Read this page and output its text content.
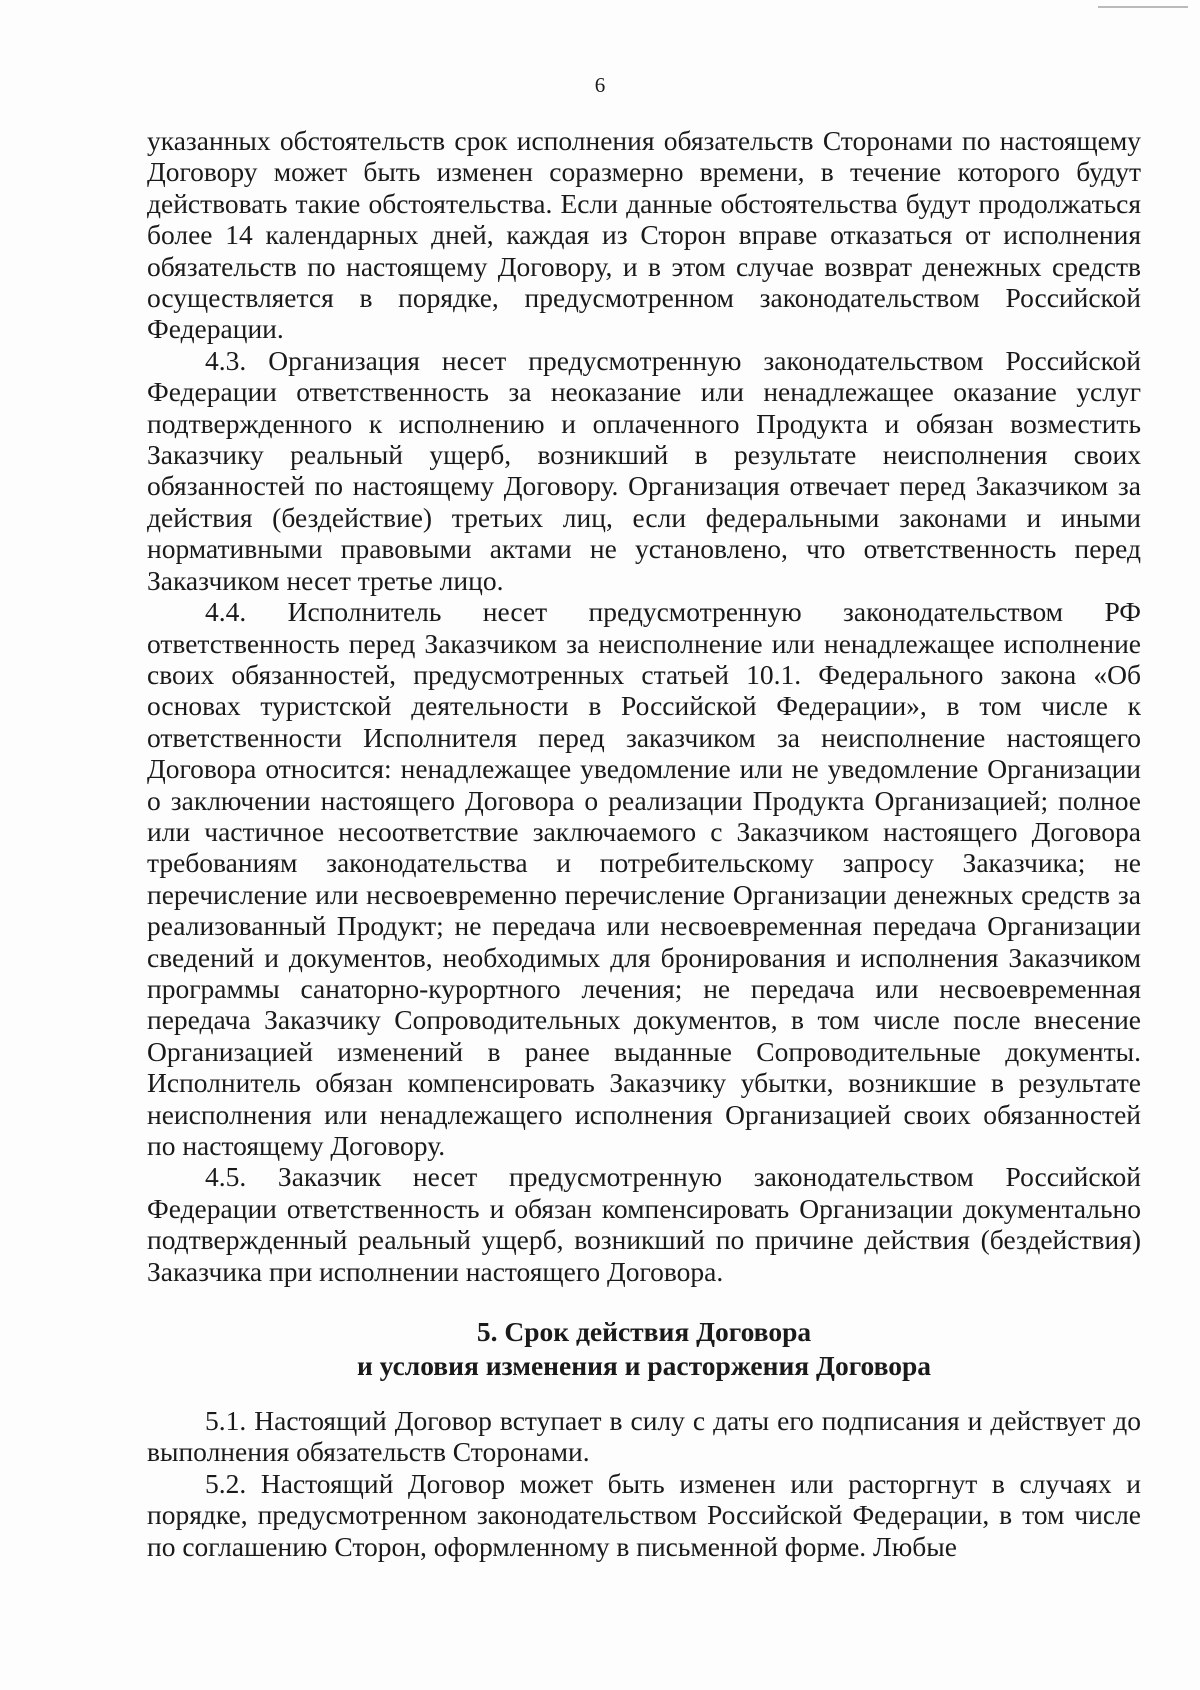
6

указанных обстоятельств срок исполнения обязательств Сторонами по настоящему Договору может быть изменен соразмерно времени, в течение которого будут действовать такие обстоятельства. Если данные обстоятельства будут продолжаться более 14 календарных дней, каждая из Сторон вправе отказаться от исполнения обязательств по настоящему Договору, и в этом случае возврат денежных средств осуществляется в порядке, предусмотренном законодательством Российской Федерации.

4.3. Организация несет предусмотренную законодательством Российской Федерации ответственность за неоказание или ненадлежащее оказание услуг подтвержденного к исполнению и оплаченного Продукта и обязан возместить Заказчику реальный ущерб, возникший в результате неисполнения своих обязанностей по настоящему Договору. Организация отвечает перед Заказчиком за действия (бездействие) третьих лиц, если федеральными законами и иными нормативными правовыми актами не установлено, что ответственность перед Заказчиком несет третье лицо.

4.4. Исполнитель несет предусмотренную законодательством РФ ответственность перед Заказчиком за неисполнение или ненадлежащее исполнение своих обязанностей, предусмотренных статьей 10.1. Федерального закона «Об основах туристской деятельности в Российской Федерации», в том числе к ответственности Исполнителя перед заказчиком за неисполнение настоящего Договора относится: ненадлежащее уведомление или не уведомление Организации о заключении настоящего Договора о реализации Продукта Организацией; полное или частичное несоответствие заключаемого с Заказчиком настоящего Договора требованиям законодательства и потребительскому запросу Заказчика; не перечисление или несвоевременно перечисление Организации денежных средств за реализованный Продукт; не передача или несвоевременная передача Организации сведений и документов, необходимых для бронирования и исполнения Заказчиком программы санаторно-курортного лечения; не передача или несвоевременная передача Заказчику Сопроводительных документов, в том числе после внесение Организацией изменений в ранее выданные Сопроводительные документы. Исполнитель обязан компенсировать Заказчику убытки, возникшие в результате неисполнения или ненадлежащего исполнения Организацией своих обязанностей по настоящему Договору.

4.5. Заказчик несет предусмотренную законодательством Российской Федерации ответственность и обязан компенсировать Организации документально подтвержденный реальный ущерб, возникший по причине действия (бездействия) Заказчика при исполнении настоящего Договора.

5. Срок действия Договора
и условия изменения и расторжения Договора

5.1. Настоящий Договор вступает в силу с даты его подписания и действует до выполнения обязательств Сторонами.

5.2. Настоящий Договор может быть изменен или расторгнут в случаях и порядке, предусмотренном законодательством Российской Федерации, в том числе по соглашению Сторон, оформленному в письменной форме. Любые
